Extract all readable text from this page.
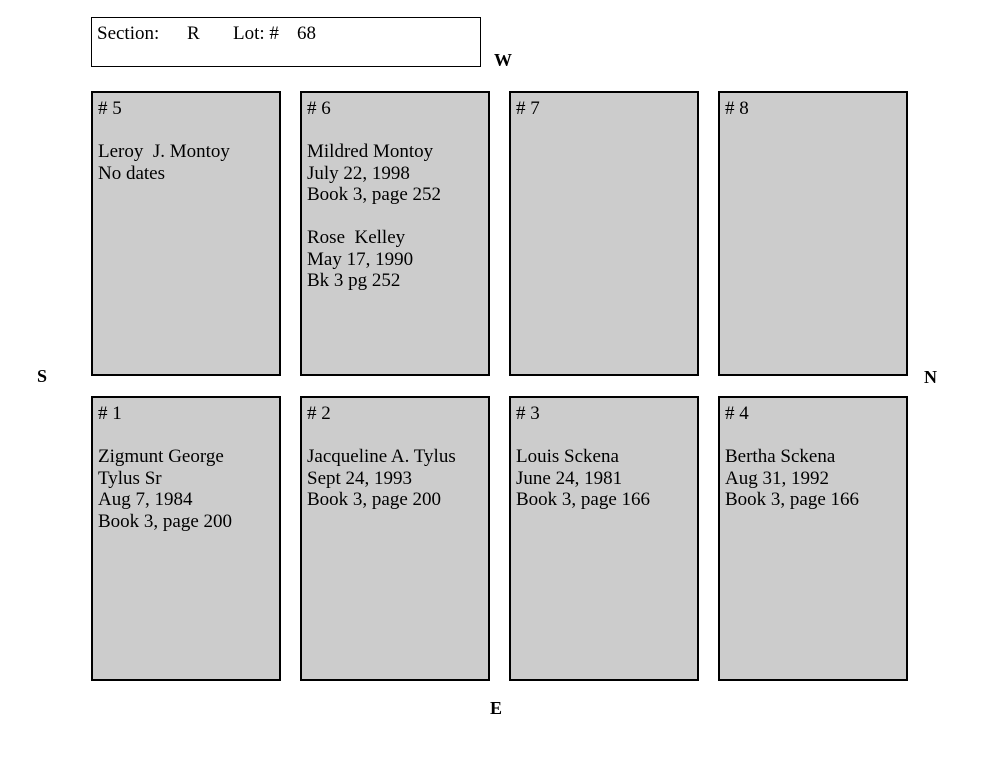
Section: R Lot: # 68
W
E
S	N
# 5
Leroy  J. Montoy
No dates
# 6
Mildred Montoy
July 22, 1998
Book 3, page 252
Rose  Kelley
May 17, 1990
Bk 3 pg 252
# 7	# 8
# 1
Zigmunt George
Tylus Sr
Aug 7, 1984
Book 3, page 200
# 2
Jacqueline A. Tylus
Sept 24, 1993
Book 3, page 200
# 3
Louis Sckena
June 24, 1981
Book 3, page 166
# 4
Bertha Sckena
Aug 31, 1992
Book 3, page 166
